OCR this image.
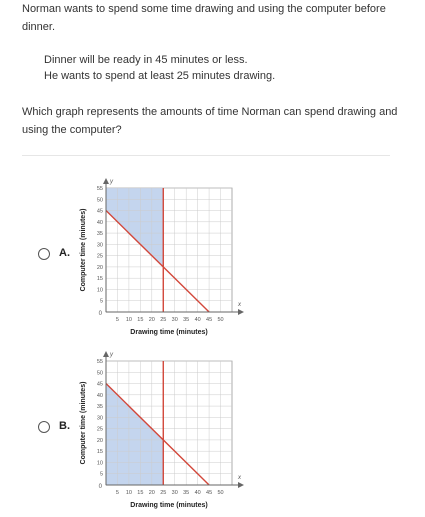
Norman wants to spend some time drawing and using the computer before dinner.
Dinner will be ready in 45 minutes or less.
He wants to spend at least 25 minutes drawing.
Which graph represents the amounts of time Norman can spend drawing and using the computer?
A.
x
y
5 10 15 20 25 30 35 40 45 50
5
10
15
20
25
30
35
40
45
50
55
0
Drawing time (minutes)
Computer time (minutes)
B.
x
y
5 10 15 20 25 30 35 40 45 50
5
10
15
20
25
30
35
40
45
50
55
0
Drawing time (minutes)
Computer time (minutes)
